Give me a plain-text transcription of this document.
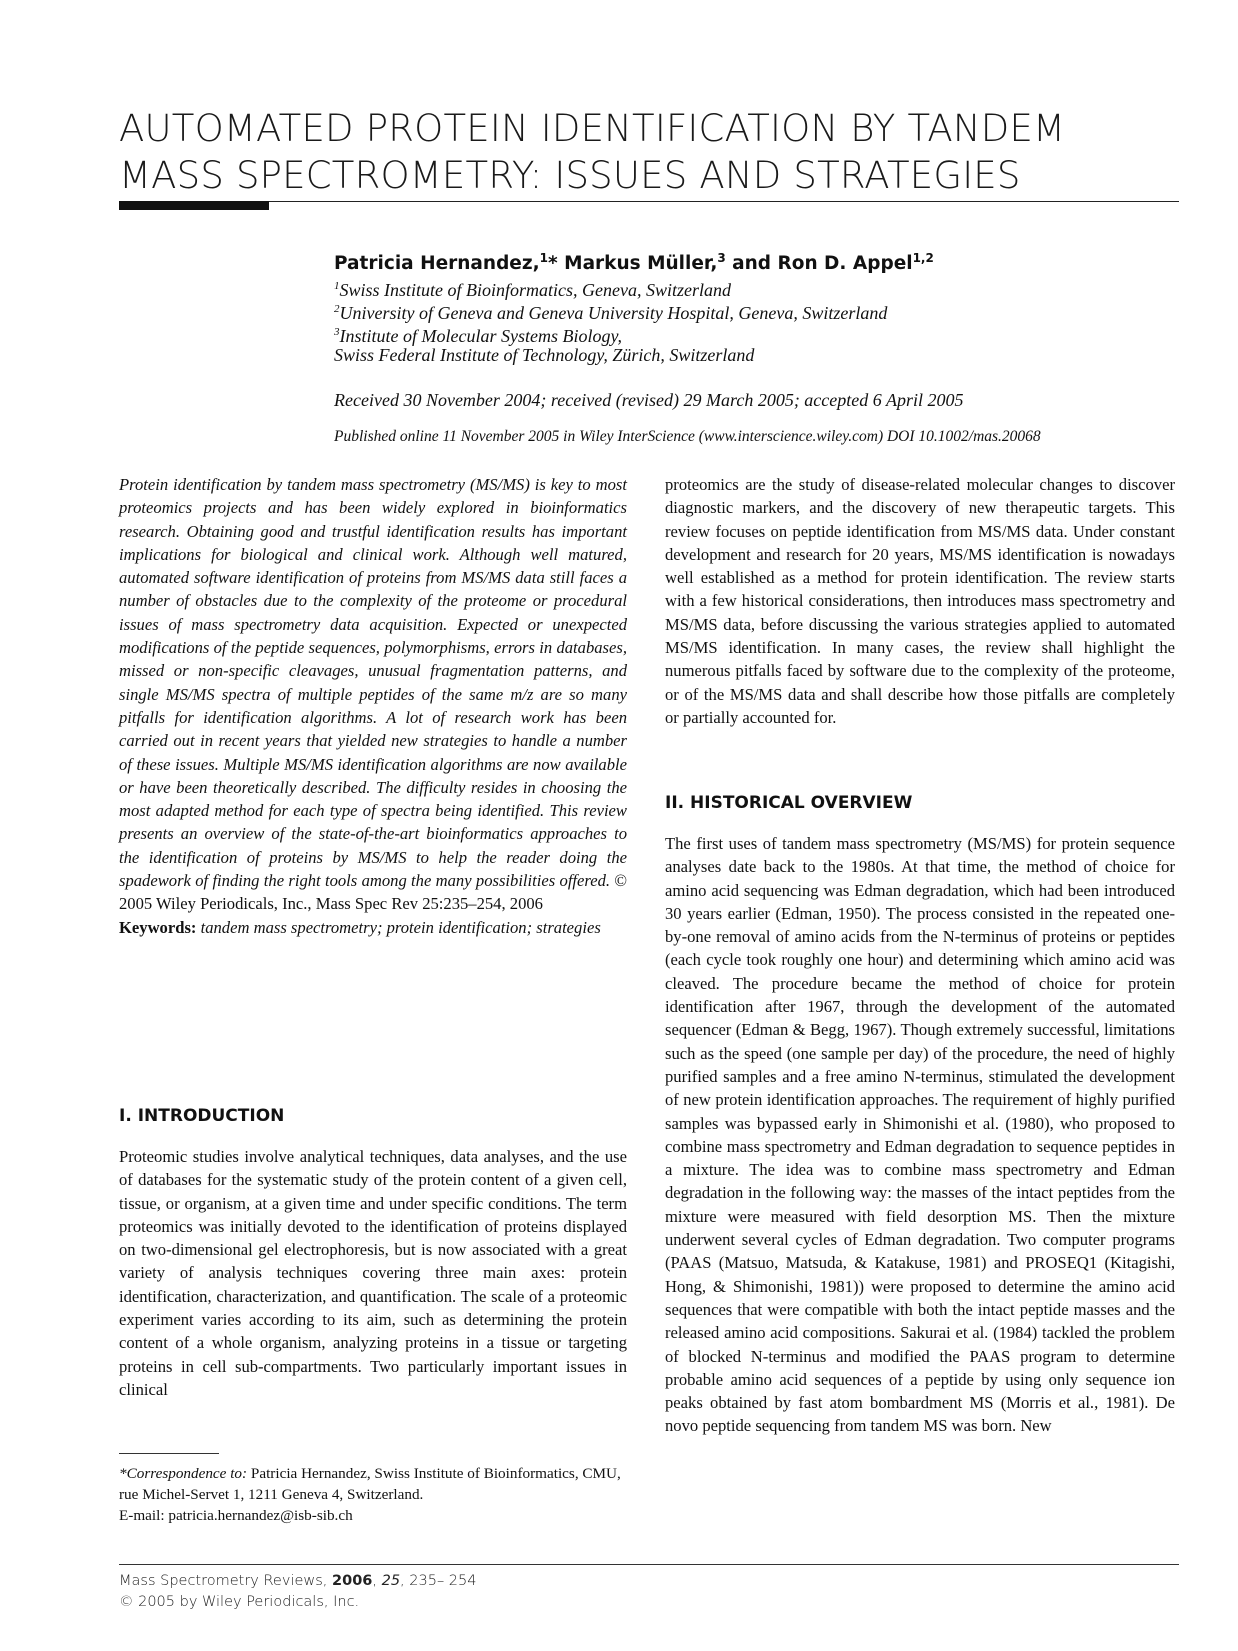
AUTOMATED PROTEIN IDENTIFICATION BY TANDEM MASS SPECTROMETRY: ISSUES AND STRATEGIES
Patricia Hernandez,$^1$* Markus Müller,$^3$ and Ron D. Appel$^{1,2}$
$^1$Swiss Institute of Bioinformatics, Geneva, Switzerland
$^2$University of Geneva and Geneva University Hospital, Geneva, Switzerland
$^3$Institute of Molecular Systems Biology,
Swiss Federal Institute of Technology, Zürich, Switzerland
Received 30 November 2004; received (revised) 29 March 2005; accepted 6 April 2005
Published online 11 November 2005 in Wiley InterScience (www.interscience.wiley.com) DOI 10.1002/mas.20068

Protein identification by tandem mass spectrometry (MS/MS) is key to most proteomics projects and has been widely explored in bioinformatics research. Obtaining good and trustful identification results has important implications for biological and clinical work. Although well matured, automated software identification of proteins from MS/MS data still faces a number of obstacles due to the complexity of the proteome or procedural issues of mass spectrometry data acquisition. Expected or unexpected modifications of the peptide sequences, polymorphisms, errors in databases, missed or non-specific cleavages, unusual fragmentation patterns, and single MS/MS spectra of multiple peptides of the same m/z are so many pitfalls for identification algorithms. A lot of research work has been carried out in recent years that yielded new strategies to handle a number of these issues. Multiple MS/MS identification algorithms are now available or have been theoretically described. The difficulty resides in choosing the most adapted method for each type of spectra being identified. This review presents an overview of the state-of-the-art bioinformatics approaches to the identification of proteins by MS/MS to help the reader doing the spadework of finding the right tools among the many possibilities offered. © 2005 Wiley Periodicals, Inc., Mass Spec Rev 25:235–254, 2006

Keywords: tandem mass spectrometry; protein identification; strategies

I. INTRODUCTION

Proteomic studies involve analytical techniques, data analyses, and the use of databases for the systematic study of the protein content of a given cell, tissue, or organism, at a given time and under specific conditions. The term proteomics was initially devoted to the identification of proteins displayed on two-dimensional gel electrophoresis, but is now associated with a great variety of analysis techniques covering three main axes: protein identification, characterization, and quantification. The scale of a proteomic experiment varies according to its aim, such as determining the protein content of a whole organism, analyzing proteins in a tissue or targeting proteins in cell sub-compartments. Two particularly important issues in clinical

*Correspondence to: Patricia Hernandez, Swiss Institute of Bioinformatics, CMU, rue Michel-Servet 1, 1211 Geneva 4, Switzerland.
E-mail: patricia.hernandez@isb-sib.ch

proteomics are the study of disease-related molecular changes to discover diagnostic markers, and the discovery of new therapeutic targets. This review focuses on peptide identification from MS/MS data. Under constant development and research for 20 years, MS/MS identification is nowadays well established as a method for protein identification. The review starts with a few historical considerations, then introduces mass spectrometry and MS/MS data, before discussing the various strategies applied to automated MS/MS identification. In many cases, the review shall highlight the numerous pitfalls faced by software due to the complexity of the proteome, or of the MS/MS data and shall describe how those pitfalls are completely or partially accounted for.

II. HISTORICAL OVERVIEW

The first uses of tandem mass spectrometry (MS/MS) for protein sequence analyses date back to the 1980s. At that time, the method of choice for amino acid sequencing was Edman degradation, which had been introduced 30 years earlier (Edman, 1950). The process consisted in the repeated one-by-one removal of amino acids from the N-terminus of proteins or peptides (each cycle took roughly one hour) and determining which amino acid was cleaved. The procedure became the method of choice for protein identification after 1967, through the development of the automated sequencer (Edman & Begg, 1967). Though extremely successful, limitations such as the speed (one sample per day) of the procedure, the need of highly purified samples and a free amino N-terminus, stimulated the development of new protein identification approaches. The requirement of highly purified samples was bypassed early in Shimonishi et al. (1980), who proposed to combine mass spectrometry and Edman degradation to sequence peptides in a mixture. The idea was to combine mass spectrometry and Edman degradation in the following way: the masses of the intact peptides from the mixture were measured with field desorption MS. Then the mixture underwent several cycles of Edman degradation. Two computer programs (PAAS (Matsuo, Matsuda, & Katakuse, 1981) and PROSEQ1 (Kitagishi, Hong, & Shimonishi, 1981)) were proposed to determine the amino acid sequences that were compatible with both the intact peptide masses and the released amino acid compositions. Sakurai et al. (1984) tackled the problem of blocked N-terminus and modified the PAAS program to determine probable amino acid sequences of a peptide by using only sequence ion peaks obtained by fast atom bombardment MS (Morris et al., 1981). De novo peptide sequencing from tandem MS was born. New

Mass Spectrometry Reviews, 2006, 25, 235– 254
© 2005 by Wiley Periodicals, Inc.
